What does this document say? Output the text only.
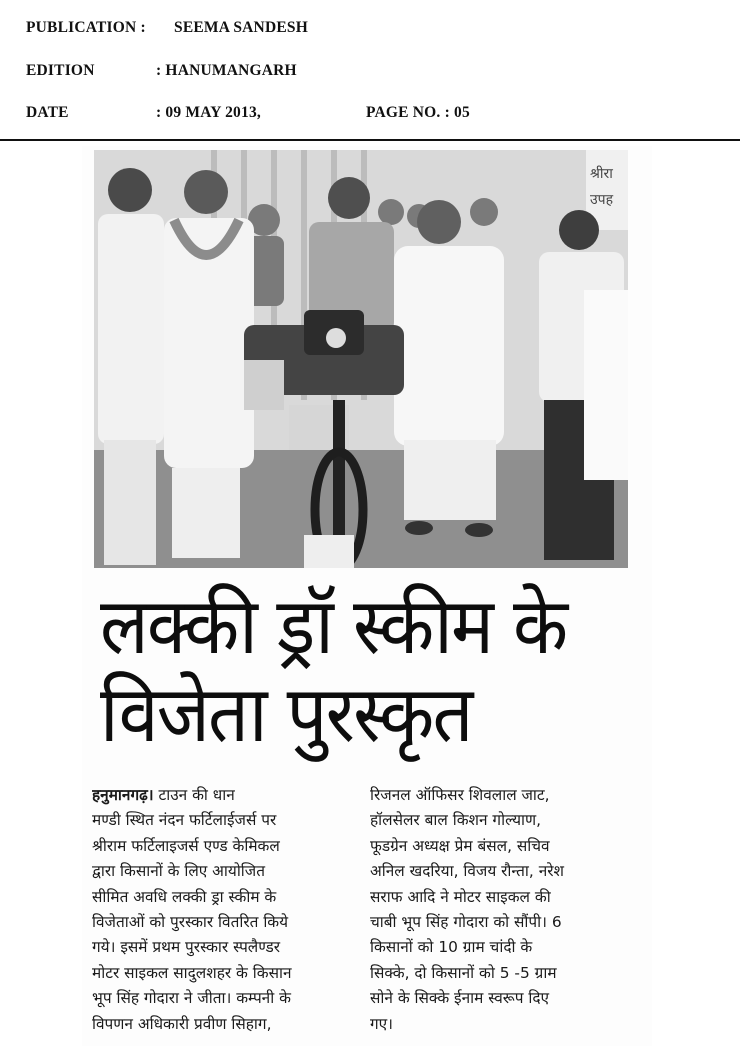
PUBLICATION : SEEMA SANDESH
EDITION	: HANUMANGARH
DATE	: 09 MAY 2013,	PAGE NO. : 05
श्रीरा
उपह
लक्की ड्रॉ स्कीम के
विजेता पुरस्कृत
हनुमानगढ़। टाउन की धान
मण्डी स्थित नंदन फर्टिलाईजर्स पर
श्रीराम फर्टिलाइजर्स एण्ड केमिकल
द्वारा किसानों के लिए आयोजित
सीमित अवधि लक्की ड्रा स्कीम के
विजेताओं को पुरस्कार वितरित किये
गये। इसमें प्रथम पुरस्कार स्पलैण्डर
मोटर साइकल सादुलशहर के किसान
भूप सिंह गोदारा ने जीता। कम्पनी के
विपणन अधिकारी प्रवीण सिहाग,
रिजनल ऑफिसर शिवलाल जाट,
हॉलसेलर बाल किशन गोल्याण,
फूडग्रेन अध्यक्ष प्रेम बंसल, सचिव
अनिल खदरिया, विजय रौन्ता, नरेश
सराफ आदि ने मोटर साइकल की
चाबी भूप सिंह गोदारा को सौंपी। 6
किसानों को 10 ग्राम चांदी के
सिक्के, दो किसानों को 5 -5 ग्राम
सोने के सिक्के ईनाम स्वरूप दिए
गए।
